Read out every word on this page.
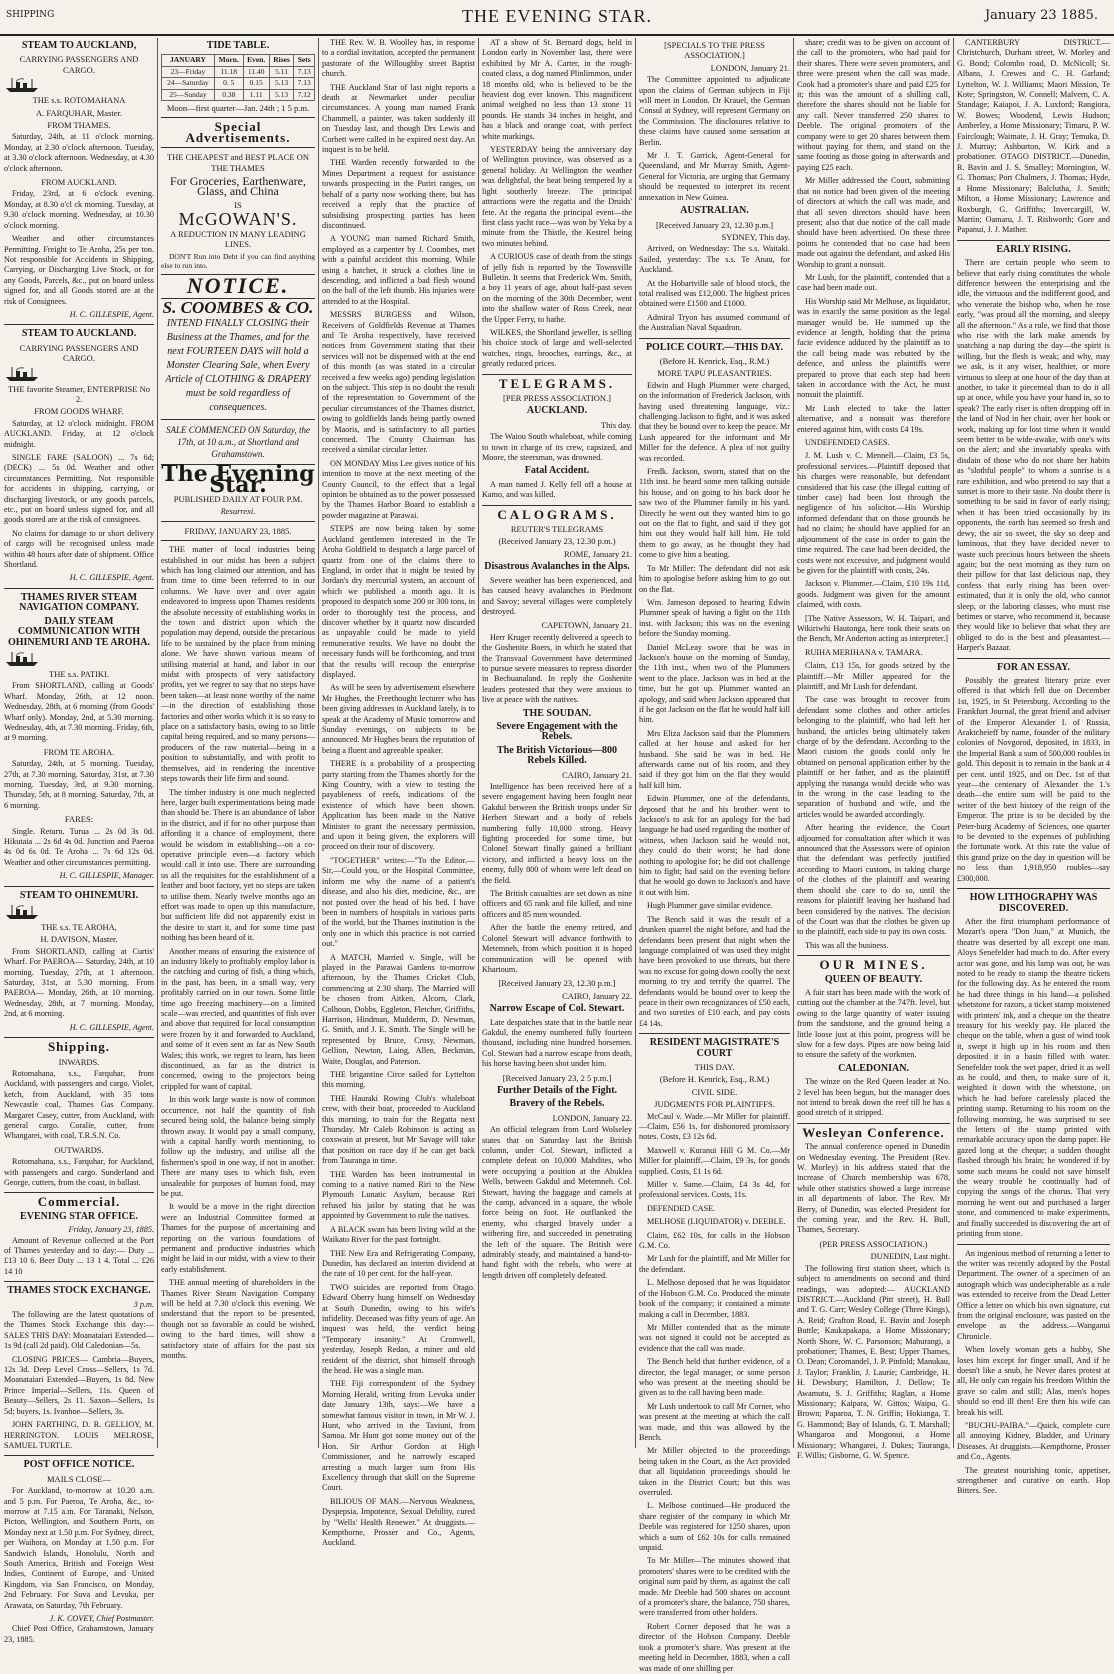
SHIPPING	THE EVENING STAR.	January 23 1885.
STEAM TO AUCKLAND,
CARRYING PASSENGERS AND CARGO.
THE s.s. ROTOMAHANA
A. FARQUHAR, Master.
FROM THAMES.

Saturday, 24th, at 11 o'clock morning. Monday, at 2.30 o'clock afternoon. Tuesday, at 3.30 o'clock afternoon. Wednesday, at 4.30 o'clock afternoon.

FROM AUCKLAND.

Friday, 23rd, at 6 o'clock evening. Monday, at 8.30 o'cl ck morning. Tuesday, at 9.30 o'clock morning. Wednesday, at 10.30 o'clock morning.

Weather and other circumstances Permitting. Freight to Te Aroha, 25s per ton. Not responsible for Accidents in Shipping, Carrying, or Discharging Live Stock, or for any Goods, Parcels, &c., put on board unless signed for, and all Goods stored are at the risk of Consignees.

H. C. GILLESPIE, Agent.
STEAM TO AUCKLAND.
CARRYING PASSENGERS AND CARGO.
THE favorite Steamer, ENTERPRISE No 2.
FROM GOODS WHARF.

Saturday, at 12 o'clock midnight. FROM AUCKLAND. Friday, at 12 o'clock midnight.

SINGLE FARE (SALOON) ... 7s 6d; (DECK) ... 5s 0d. Weather and other circumstances Permitting. Not responsible for accidents in shipping, carrying, or discharging livestock, or any goods parcels, etc., put on board unless signed for, and all goods stored are at the risk of consignees.

No claims for damage to or short delivery of cargo will be recognised unless made within 48 hours after date of shipment. Office Shortland.

H. C. GILLESPIE, Agent.
THAMES RIVER STEAM NAVIGATION COMPANY.
DAILY STEAM COMMUNICATION WITH OHINEMURI AND TE AROHA.
THE s.s. PATIKI.

From SHORTLAND, calling at Goods' Wharf. Monday, 26th, at 12 noon. Wednesday, 28th, at 6 morning (from Goods' Wharf only). Monday, 2nd, at 5.30 morning. Wednesday, 4th, at 7.30 morning. Friday, 6th, at 9 morning.

FROM TE AROHA.

Saturday, 24th, at 5 morning. Tuesday, 27th, at 7.30 morning. Saturday, 31st, at 7.30 morning. Tuesday, 3rd, at 9.30 morning. Thursday, 5th, at 8 morning. Saturday, 7th, at 6 morning.

FARES:

Single. Return. Turua ... 2s 0d 3s 0d. Hikutaia ... 2s 6d 4s 0d. Junction and Paeroa 4s 0d 6s 0d. Te Aroha ... 7s 6d 12s 0d. Weather and other circumstances permitting.

H. C. GILLESPIE, Manager.
STEAM TO OHINEMURI.
THE s.s. TE AROHA,
H. DAVISON, Master.

From SHORTLAND, calling at Curtis' Wharf. For PAEROA— Saturday, 24th, at 10 morning. Tuesday, 27th, at 1 afternoon. Saturday, 31st, at 5.30 morning. From PAEROA— Monday, 26th, at 10 morning. Wednesday, 28th, at 7 morning. Monday, 2nd, at 6 morning.

H. C. GILLESPIE, Agent.
Shipping.
INWARDS.

Rotomahana, s.s., Farquhar, from Auckland, with passengers and cargo. Violet, ketch, from Auckland, with 35 tons Newcastle coal, Thames Gas Company. Margaret Casey, cutter, from Auckland, with general cargo. Coralie, cutter, from Whangarei, with coal, T.R.S.N. Co.

OUTWARDS.

Rotomahana, s.s., Farquhar, for Auckland, with passengers and cargo. Sunderland and George, cutters, from the coast, in ballast.

Commercial.
EVENING STAR OFFICE.
Friday, January 23, 1885.

Amount of Revenue collected at the Port of Thames yesterday and to day:— Duty ... £13 10 6. Beer Duty ... 13 1 4. Total ... £26 14 10

THAMES STOCK EXCHANGE.
3 p.m.

The following are the latest quotations of the Thames Stock Exchange this day:— SALES THIS DAY: Moanataiari Extended—1s 9d (call 2d paid). Old Caledonian—5s.

CLOSING PRICES— Cambria—Buyers, 12s 3d. Deep Level Cross—Sellers, 1s 7d. Moanataiari Extended—Buyers, 1s 8d. New Prince Imperial—Sellers, 11s. Queen of Beauty—Sellers, 2s 11. Saxon—Sellers, 1s 5d; buyers, 1s. Ivanhoe—Sellers, 3s.

JOHN FARTHING, D. R. GELLIOY, M. HERRINGTON. LOUIS MELROSE, SAMUEL TURTLE.

POST OFFICE NOTICE.
MAILS CLOSE—

For Auckland, to-morrow at 10.20 a.m. and 5 p.m. For Paeroa, Te Aroha, &c., to-morrow at 7.15 a.m. For Taranaki, Nelson, Picton, Wellington, and Southern Ports, on Monday next at 1.50 p.m. For Sydney, direct, per Waihora, on Monday at 1.50 p.m. For Sandwich Islands, Honolulu, North and South America, British and Foreign West Indies, Continent of Europe, and United Kingdom, via San Francisco, on Monday, 2nd February. For Suva and Levuka, per Arawata, on Saturday, 7th February.

J. K. COVEY, Chief Postmaster.

Chief Post Office, Grahamstown, January 23, 1885.

TIDE TABLE.
JANUARY	Morn.	Even.	Rises	Sets
23—Friday	11.18	11.40	5.11	7.13
24—Saturday	0. 5	0.15	5.13	7.13
25—Sunday	0.38	1.11	5.13	7.12
Moon—first quarter—Jan. 24th ; 1 5 p.m.
Special Advertisements.
THE CHEAPEST and BEST PLACE ON THE THAMES
For Groceries, Earthenware, Glass, and China
IS
McGOWAN'S.
A REDUCTION IN MANY LEADING LINES.

DON'T Run into Debt if you can find anything else to run into.

NOTICE.
S. COOMBES & CO.

INTEND FINALLY CLOSING their Business at the Thames, and for the next FOURTEEN DAYS will hold a Monster Clearing Sale, when Every Article of CLOTHING & DRAPERY must be sold regardless of consequences.

SALE COMMENCED ON Saturday, the 17th, at 10 a.m., at Shortland and Grahamstown.

The Evening Star.
PUBLISHED DAILY AT FOUR P.M.
Resurrexi.
FRIDAY, JANUARY 23, 1885.

THE matter of local industries being established in our midst has been a subject which has long claimed our attention, and has from time to time been referred to in our columns. We have over and over again endeavored to impress upon Thames residents the absolute necessity of establishing works in the town and district upon which the population may depend, outside the precarious life to be sustained by the place from mining alone. We have shown various means of utilising material at hand, and labor in our midst with prospects of very satisfactory profits, yet we regret to say that no steps have been taken—at least none worthy of the name—in the direction of establishing those factories and other works which it is so easy to place on a satisfactory basis, owing to so little capital being required, and so many persons—producers of the raw material—being in a position to substantially, and with profit to themselves, aid in rendering the incentive steps towards their life firm and sound.

The timber industry is one much neglected here, larger built experimentations being made than should be. There is an abundance of labor in the district, and if for no other purpose than affording it a chance of employment, there would be wisdom in establishing—on a co-operative principle even—a factory which would call it into use. There are surrounding us all the requisites for the establishment of a leather and boot factory, yet no steps are taken to utilise them. Nearly twelve months ago an effort was made to open up this manufacture, but sufficient life did not apparently exist in the desire to start it, and for some time past nothing has been heard of it.

Another means of ensuring the existence of an industry likely to profitably employ labor is the catching and curing of fish, a thing which, in the past, has been, in a small way, very profitably carried on in our town. Some little time ago freezing machinery—on a limited scale—was erected, and quantities of fish over and above that required for local consumption were frozen by it and forwarded to Auckland, and some of it even sent as far as New South Wales; this work, we regret to learn, has been discontinued, as far as the district is concerned, owing to the projectors being crippled for want of capital.

In this work large waste is now of common occurrence, not half the quantity of fish secured being sold, the balance being simply thrown away. It would pay a small company, with a capital hardly worth mentioning, to follow up the industry, and utilise all the fishermen's spoil in one way, if not in another. There are many uses to which fish, even unsaleable for purposes of human food, may be put.

It would be a move in the right direction were an Industrial Committee formed at Thames for the purpose of ascertaining and reporting on the various foundations of permanent and productive industries which might be laid in our midst, with a view to their early establishment.

THE annual meeting of shareholders in the Thames River Steam Navigation Company will be held at 7.30 o'clock this evening. We understand that the report to be presented, though not so favorable as could be wished, owing to the hard times, will show a satisfactory state of affairs for the past six months.

THE Rev. W. B. Woolley has, in response to a cordial invitation, accepted the permanent pastorate of the Willoughby street Baptist church.

THE Auckland Star of last night reports a death at Newmarket under peculiar circumstances. A young man named Frank Chammell, a painter, was taken suddenly ill on Tuesday last, and though Drs Lewis and Corbett were called in he expired next day. An inquest is to be held.

THE Warden recently forwarded to the Mines Department a request for assistance towards prospecting in the Puriri ranges, on behalf of a party now working there, but has received a reply that the practice of subsidising prospecting parties has been discontinued.

A YOUNG man named Richard Smith, employed as a carpenter by J. Coombes, met with a painful accident this morning. While using a hatchet, it struck a clothes line in descending, and inflicted a bad flesh wound on the ball of the left thumb. His injuries were attended to at the Hospital.

MESSRS BURGESS and Wilson, Receivers of Goldfields Revenue at Thames and Te Aroha respectively, have received notices from Government stating that their services will not be dispensed with at the end of this month (as was stated in a circular received a few weeks ago) pending legislation on the subject. This step is no doubt the result of the representation to Government of the peculiar circumstances of the Thames district, owing to goldfields lands being partly owned by Maoris, and is satisfactory to all parties concerned. The County Chairman has received a similar circular letter.

ON MONDAY Miss Lee gives notice of his intention to move at the next meeting of the County Council, to the effect that a legal opinion be obtained as to the power possessed by the Thames Harbor Board to establish a powder magazine at Parawai.

STEPS are now being taken by some Auckland gentlemen interested in the Te Aroha Goldfield to despatch a large parcel of quartz from one of the claims there to England, in order that it might be tested by Jordan's dry mercurial system, an account of which we published a month ago. It is proposed to despatch some 200 or 300 tons, in order to thoroughly test the process, and discover whether by it quartz now discarded as unpayable could be made to yield remunerative results. We have no doubt the necessary funds will be forthcoming, and trust that the results will recoup the enterprise displayed.

As will be seen by advertisement elsewhere Mr Hughes, the Freethought lecturer who has been giving addresses in Auckland lately, is to speak at the Academy of Music tomorrow and Sunday evenings, on subjects to be announced. Mr Hughes bears the reputation of being a fluent and agreeable speaker.

THERE is a probability of a prospecting party starting from the Thames shortly for the King Country, with a view to testing the payableness of reefs, indications of the existence of which have been shown. Application has been made to the Native Minister to grant the necessary permission, and upon it being given, the explorers will proceed on their tour of discovery.

"TOGETHER" writes:—"To the Editor.—Sir,—Could you, or the Hospital Committee, inform me why the name of a patient's disease, and also his diet, medicine, &c., are not posted over the head of his bed. I have been in numbers of hospitals in various parts of the world, but the Thames institution is the only one in which this practice is not carried out."

A MATCH, Married v. Single, will be played in the Parawai Gardens to-morrow afternoon, by the Thames Cricket Club, commencing at 2.30 sharp. The Married will be chosen from Aitken, Alcorn, Clark, Colhoun, Dobbs, Eggleton, Fletcher, Griffiths, Harrison, Hindman, Mudderm, D. Newman, G. Smith, and J. E. Smith. The Single will be represented by Bruce, Crosy, Newman, Gellion, Newton, Laing, Allen, Beckman, Waite, Douglas, and Paterson.

THE brigantine Circe sailed for Lyttelton this morning.

THE Hauraki Rowing Club's whaleboat crew, with their boat, proceeded to Auckland this morning, to train for the Regatta next Thursday. Mr Caleb Robinson is acting as coxswain at present, but Mr Savage will take that position on race day if he can get back from Tauranga in time.

THE Warden has been instrumental in coming to a native named Riri to the New Plymouth Lunatic Asylum, because Riri refused his jailor by stating that he was appointed by Government to rule the natives.

A BLACK swan has been living wild at the Waikato River for the past fortnight.

THE New Era and Refrigerating Company, Dunedin, has declared an interim dividend at the rate of 10 per cent. for the half-year.

TWO suicides are reported from Otago. Edward Oberry hung himself on Wednesday at South Dunedin, owing to his wife's infidelity. Deceased was fifty years of age. An inquest was held, the verdict being "Temporary insanity." At Cromwell, yesterday, Joseph Redan, a miner and old resident of the district, shot himself through the head. He was a single man.

THE Fiji correspondent of the Sydney Morning Herald, writing from Levuka under date January 13th, says:—We have a somewhat famous visitor in town, in Mr W. J. Hunt, who arrived in the Taviuni, from Samoa. Mr Hunt got some money out of the Hon. Sir Arthur Gordon at High Commissioner, and he narrowly escaped arresting a much larger sum from His Excellency through that skill on the Supreme Court.

BILIOUS OF MAN.—Nervous Weakness, Dyspepsia, Impotence, Sexual Debility, cured by "Wells' Health Renewer." At druggists.—Kempthorne, Prosser and Co., Agents, Auckland.

AT a show of St. Bernard dogs, held in London early in November last, there were exhibited by Mr A. Carter, in the rough-coated class, a dog named Plinlimmon, under 18 months old, who is believed to be the heaviest dog ever known. This magnificent animal weighed no less than 13 stone 11 pounds. He stands 34 inches in height, and has a black and orange coat, with perfect white markings.

YESTERDAY being the anniversary day of Wellington province, was observed as a general holiday. At Wellington the weather was delightful, the heat being tempered by a light southerly breeze. The principal attractions were the regatta and the Druids' fete. At the regatta the principal event—the first class yacht race—was won by Yeka by a minute from the Thistle, the Kestrel being two minutes behind.

A CURIOUS case of death from the stings of jelly fish is reported by the Townsville Bulletin. It seems that Frederick Wm. Smith, a boy 11 years of age, about half-past seven on the morning of the 30th December, went into the shallow water of Ross Creek, near the Upper Ferry, to bathe.

WILKES, the Shortland jeweller, is selling his choice stock of large and well-selected watches, rings, brooches, earrings, &c., at greatly reduced prices.

TELEGRAMS.
[PER PRESS ASSOCIATION.]
AUCKLAND.
This day.

The Waiou South whaleboat, while coming to town in charge of its crew, capsized, and Moore, the steersman, was drowned.

Fatal Accident.

A man named J. Kelly fell off a house at Kamo, and was killed.

CALOGRAMS.
REUTER'S TELEGRAMS
(Received January 23, 12.30 p.m.)
ROME, January 21.
Disastrous Avalanches in the Alps.

Severe weather has been experienced, and has caused heavy avalanches in Piedmont and Savoy; several villages were completely destroyed.

CAPETOWN, January 21.

Herr Kruger recently delivered a speech to the Goshenite Boers, in which he stated that the Transvaal Government have determined to pursue severe measures to repress disorder in Bechuanaland. In reply the Goshenite leaders protested that they were anxious to live at peace with the natives.

THE SOUDAN.
Severe Engagement with the Rebels.
The British Victorious—800 Rebels Killed.
CAIRO, January 21.

Intelligence has been received here of a severe engagement having been fought near Gakdul between the British troops under Sir Herbert Stewart and a body of rebels numbering fully 10,000 strong. Heavy fighting proceeded for some time, but Colonel Stewart finally gained a brilliant victory, and inflicted a heavy loss on the enemy, fully 800 of whom were left dead on the field.

The British casualties are set down as nine officers and 65 rank and file killed, and nine officers and 85 men wounded.

After the battle the enemy retired, and Colonel Stewart will advance forthwith to Metemneh, from which position it is hoped communication will be opened with Khartoum.

[Received January 23, 12.30 p.m.]
CAIRO, January 22.
Narrow Escape of Col. Stewart.

Late despatches state that in the battle near Gakdul, the enemy numbered fully fourteen thousand, including nine hundred horsemen. Col. Stewart had a narrow escape from death, his horse having been shot under him.

[Received January 23, 2 5 p.m.]
Further Details of the Fight.
Bravery of the Rebels.
LONDON, January 22.

An official telegram from Lord Wolseley states that on Saturday last the British column, under Col. Stewart, inflicted a complete defeat on 10,000 Mahdites, who were occupying a position at the Abuklea Wells, between Gakdul and Metemneh. Col. Stewart, having the baggage and camels at the camp, advanced in a square, the whole force being on foot. He outflanked the enemy, who charged bravely under a withering fire, and succeeded in penetrating the left of the square. The British were admirably steady, and maintained a hand-to-hand fight with the rebels, who were at length driven off completely defeated.

[SPECIALS TO THE PRESS ASSOCIATION.]
LONDON, January 21.

The Committee appointed to adjudicate upon the claims of German subjects in Fiji will meet in London. Dr Krauel, the German Consul at Sydney, will represent Germany on the Commission. The disclosures relative to these claims have caused some sensation at Berlin.

Mr J. T. Garrick, Agent-General for Queensland, and Mr Murray Smith, Agent-General for Victoria, are urging that Germany should be requested to interpret its recent annexation in New Guinea.

AUSTRALIAN.
[Received January 23, 12.30 p.m.]
SYDNEY, This day.

Arrived, on Wednesday: The s.s. Waitaki. Sailed, yesterday: The s.s. Te Anau, for Auckland.

At the Hobartville sale of blood stock, the total realised was £12,000. The highest prices obtained were £1500 and £1000.

Admiral Tryon has assumed command of the Australian Naval Squadron.

POLICE COURT.—THIS DAY.
(Before H. Kenrick, Esq., R.M.)
MORE TAPU PLEASANTRIES.

Edwin and Hugh Plummer were charged, on the information of Frederick Jackson, with having used threatening language, viz.: challenging Jackson to fight, and it was asked that they be bound over to keep the peace. Mr Lush appeared for the informant and Mr Miller for the defence. A plea of not guilty was recorded.

Fredk. Jackson, sworn, stated that on the 11th inst. he heard some men talking outside his house, and on going to his back door he saw two of the Plummer family in his yard. Directly he went out they wanted him to go out on the flat to fight, and said if they got him out they would half kill him. He told them to go away, as he thought they had come to give him a beating.

To Mr Miller: The defendant did not ask him to apologise before asking him to go out on the flat.

Wm. Jameson deposed to hearing Edwin Plummer speak of having a fight on the 11th inst. with Jackson; this was on the evening before the Sunday morning.

Daniel McLeay swore that he was in Jackson's house on the morning of Sunday, the 11th inst., when two of the Plummers went to the place. Jackson was in bed at the time, but he got up. Plummer wanted an apology, and said when Jackson appeared that if he got Jackson on the flat he would half kill him.

Mrs Eliza Jackson said that the Plummers called at her house and asked for her husband. She said he was in bed. He afterwards came out of his room, and they said if they got him on the flat they would half kill him.

Edwin Plummer, one of the defendants, deposed that he and his brother went to Jackson's to ask for an apology for the bad language he had used regarding the mother of witness, when Jackson said he would not, they could do their worst; he had done nothing to apologise for; he did not challenge him to fight; had said on the evening before that he would go down to Jackson's and have it out with him.

Hugh Plummer gave similar evidence.

The Bench said it was the result of a drunken quarrel the night before, and had the defendants been present that night when the language complained of was used they might have been provoked to use threats, but there was no excuse for going down coolly the next morning to try and terrify the quarrel. The defendants would be bound over to keep the peace in their own recognizances of £50 each, and two sureties of £10 each, and pay costs £4 14s.

RESIDENT MAGISTRATE'S COURT
THIS DAY.
(Before H. Kenrick, Esq., R.M.)
CIVIL SIDE.
JUDGMENTS FOR PLAINTIFFS.

McCaul v. Wade.—Mr Miller for plaintiff.—Claim, £56 1s, for dishonored promissory notes. Costs, £3 12s 6d.

Maxwell v. Kuranui Hill G M. Co.—Mr Miller for plaintiff.—Claim, £9 3s, for goods supplied. Costs, £1 1s 6d.

Miller v. Same.—Claim, £4 3s 4d, for professional services. Costs, 11s.

DEFENDED CASE.

MELHOSE (LIQUIDATOR) v. DEEBLE.

Claim, £62 10s, for calls in the Hobson G.M. Co.

Mr Lush for the plaintiff, and Mr Miller for the defendant.

L. Melhose deposed that he was liquidator of the Hobson G.M. Co. Produced the minute book of the company; it contained a minute making a call in December, 1883.

Mr Miller contended that as the minute was not signed it could not be accepted as evidence that the call was made.

The Bench held that further evidence, of a director, the legal manager, or some person who was present at the meeting should be given as to the call having been made.

Mr Lush undertook to call Mr Corner, who was present at the meeting at which the call was made, and this was allowed by the Bench.

Mr Miller objected to the proceedings being taken in the Court, as the Act provided that all liquidation proceedings should be taken in the District Court; but this was overruled.

L. Melhose continued—He produced the share register of the company in which Mr Deeble was registered for 1250 shares, upon which a sum of £62 10s for calls remained unpaid.

To Mr Miller—The minutes showed that promoters' shares were to be credited with the original sum paid by them, as against the call made. Mr Deeble had 500 shares on account of a promoter's share, the balance, 750 shares, were transferred from other holders.

Robert Corner deposed that he was a director of the Hobson Company. Deeble took a promoter's share. Was present at the meeting held in December, 1883, when a call was made of one shilling per

share; credit was to be given on account of the call to the promoters, who had paid for their shares. There were seven promoters, and three were present when the call was made. Cook had a promoter's share and paid £25 for it; this was the amount of a shilling call, therefore the shares should not be liable for any call. Never transferred 250 shares to Deeble. The original promoters of the company were to get 20 shares between them without paying for them, and stand on the same footing as those going in afterwards and paying £25 each.

Mr Miller addressed the Court, submitting that no notice had been given of the meeting of directors at which the call was made, and that all seven directors should have been present; also that due notice of the call made should have been advertised. On these three points he contended that no case had been made out against the defendant, and asked His Worship to grant a nonsuit.

Mr Lush, for the plaintiff, contended that a case had been made out.

His Worship said Mr Melhose, as liquidator, was in exactly the same position as the legal manager would be. He summed up the evidence at length, holding that the prima facie evidence adduced by the plaintiff as to the call being made was rebutted by the defence, and unless the plaintiffs were prepared to prove that each step had been taken in accordance with the Act, he must nonsuit the plaintiff.

Mr Lush elected to take the latter alternative, and a nonsuit was therefore entered against him, with costs £4 19s.

UNDEFENDED CASES.

J. M. Lush v. C. Mennell.—Claim, £3 5s, professional services.—Plaintiff deposed that his charges were reasonable, but defendant considered that his case (the illegal cutting of timber case) had been lost through the negligence of his solicitor.—His Worship informed defendant that on those grounds he had no claim; he should have applied for an adjournment of the case in order to gain the time required. The case had been decided, the costs were not excessive, and judgment would be given for the plaintiff with costs, 24s.

Jackson v. Plummer.—Claim, £10 19s 11d, goods. Judgment was given for the amount claimed, with costs.

[The Native Assessors, W. H. Taipari, and Wikiriwhi Hautonga, here took their seats on the Bench, Mr Anderton acting as interpreter.]

RUIHA MERIHANA v. TAMARA.

Claim, £13 15s, for goods seized by the plaintiff.—Mr Miller appeared for the plaintiff, and Mr Lush for defendant.

The case was brought to recover from defendant some clothes and other articles belonging to the plaintiff, who had left her husband, the articles being ultimately taken charge of by the defendant. According to the Maori custom the goods could only be obtained on personal application either by the plaintiff or her father, and as the plaintiff applying the runanga would decide who was in the wrong in the case leading to the separation of husband and wife, and the articles would be awarded accordingly.

After hearing the evidence, the Court adjourned for consultation after which it was announced that the Assessors were of opinion that the defendant was perfectly justified according to Maori custom, in taking charge of the clothes of the plaintiff and wearing them should she care to do so, until the reasons for plaintiff leaving her husband had been considered by the natives. The decision of the Court was that the clothes be given up to the plaintiff, each side to pay its own costs.

This was all the business.

OUR MINES.
QUEEN OF BEAUTY.

A fair start has been made with the work of cutting out the chamber at the 747ft. level, but owing to the large quantity of water issuing from the sandstone, and the ground being a little loose just at this point, progress will be slow for a few days. Pipes are now being laid to ensure the safety of the workmen.

CALEDONIAN.

The winze on the Red Queen leader at No. 2 level has been begun, but the manager does not intend to break down the reef till he has a good stretch of it stripped.

Wesleyan Conference.

The annual conference opened in Dunedin on Wednesday evening. The President (Rev. W. Morley) in his address stated that the increase of Church membership was 678, while other statistics showed a large increase in all departments of labor. The Rev. Mr Berry, of Dunedin, was elected President for the coming year, and the Rev. H. Bull, Thames, Secretary.

(PER PRESS ASSOCIATION.)
DUNEDIN, Last night.

The following first station sheet, which is subject to amendments on second and third readings, was adopted:— AUCKLAND DISTRICT.—Auckland (Pitt street), H. Bull and T. G. Carr; Wesley College (Three Kings), A. Reid; Grafton Road, E. Bavin and Joseph Buttle; Kaukapakapa, a Home Missionary; North Shore, W. C. Parsonson; Mahurangi, a probationer; Thames, E. Best; Upper Thames, O. Dean; Coromandel, J. P. Pinfold; Manukau, J. Taylor; Franklin, J. Laurie; Cambridge, H. H. Dewsbury; Hamilton, J. Dellow; Te Awamutu, S. J. Griffiths; Raglan, a Home Missionary; Kaipara, W. Gittos; Waipu, G. Brown; Paparoa, T. N. Griffin; Hokianga, T. G. Hammond; Bay of Islands, G. T. Marshall; Whangaroa and Mongonui, a Home Missionary; Whangarei, J. Dukes; Tauranga, F. Willis; Gisborne, G. W. Spence.

CANTERBURY DISTRICT.—Christchurch, Durham street, W. Morley and G. Bond; Colombo road, D. McNicoll; St. Albans, J. Crewes and C. H. Garland; Lyttelton, W. J. Williams; Maori Mission, Te Kote; Springston, W. Connell; Malvern, C. A. Standage; Kaiapoi, J. A. Luxford; Rangiora, W. Bowes; Woodend, Lewis Hudson; Amberley, a Home Missionary; Timaru, P. W. Fairclough; Waimate, J. H. Gray; Temuka, D. J. Murray; Ashburton, W. Kirk and a probationer. OTAGO DISTRICT.—Dunedin, R. Bavin and J. S. Smalley; Mornington, W. G. Thomas; Port Chalmers, J. Thomas; Hyde, a Home Missionary; Balclutha, J. Smith; Milton, a Home Missionary; Lawrence and Roxburgh, G. Griffiths; Invercargill, W. Martin; Oamaru, J. T. Rishworth; Gore and Papanui, J. J. Mather.

EARLY RISING.

There are certain people who seem to believe that early rising constitutes the whole difference between the enterprising and the idle, the virtuous and the indifferent good, and who venerate the bishop who, when he rose early, "was proud all the morning, and sleepy all the afternoon." As a rule, we find that those who rise with the lark make amends by snatching a nap during the day—the spirit is willing, but the flesh is weak; and why, may we ask, is it any wiser, healthier, or more virtuous to sleep at one hour of the day than at another, to take it piecemeal than to do it all up at once, while you have your hand in, so to speak? The early riser is often dropping off in the land of Nod in her chair, over her book or work, making up for lost time when it would seem better to be wide-awake, with one's wits on the alert; and she invariably speaks with disdain of those who do not share her habits as "slothful people" to whom a sunrise is a rare exhibition, and who pretend to say that a sunset is more to their taste. No doubt there is something to be said in favor of early rising; when it has been tried occasionally by its opponents, the earth has seemed so fresh and dewy, the air so sweet, the sky so deep and luminous, that they have decided never to waste such precious hours between the sheets again; but the next morning as they turn on their pillow for that last delicious nap, they confess that early rising has been over-estimated, that it is only the old, who cannot sleep, or the laboring classes, who must rise betimes or starve, who recommend it, because they would like to believe that what they are obliged to do is the best and pleasantest.—Harper's Bazaar.

FOR AN ESSAY.

Possibly the greatest literary prize ever offered is that which fell due on December 1st, 1925, in St Petersburg. According to the Frankfurt Journal, the great friend and adviser of the Emperor Alexander I. of Russia, Araktcheieff by name, founder of the military colonies of Novgorod, deposited, in 1833, in the Imperial Bank a sum of 500,000 roubles in gold. This deposit is to remain in the bank at 4 per cent. until 1925, and on Dec. 1st of that year—the centenary of Alexander the 1.'s death—the entire sum will be paid to the writer of the best history of the reign of the Emperor. The prize is to be decided by the Peter-burg Academy of Sciences, one quarter to be devoted to the expenses of publishing the fortunate work. At this rate the value of this grand prize on the day in question will be no less than 1,918,950 roubles—say £300,000.

HOW LITHOGRAPHY WAS DISCOVERED.

After the first triumphant performance of Mozart's opera "Don Juan," at Munich, the theatre was deserted by all except one man. Aloys Senefelder had much to do. After every actor was gone, and his lamp was out, he was noted to be ready to stamp the theatre tickets for the following day. As he entered the room he had three things in his hand—a polished whetstone for razors, a ticket stamp moistened with printers' ink, and a cheque on the theatre treasury for his weekly pay. He placed the cheque on the table, when a gust of wind took it, swept it high up in his room and then deposited it in a basin filled with water. Senefelder took the wet paper, dried it as well as he could, and then, to make sure of it, weighted it down with the whetstone, on which he had before carelessly placed the printing stamp. Returning to his room on the following morning, he was surprised to see the letters of the stamp printed with remarkable accuracy upon the damp paper. He gazed long at the cheque; a sudden thought flashed through his brain; he wondered if by some such means he could not save himself the weary trouble he continually had of copying the songs of the chorus. That very morning he went out and purchased a larger stone, and commenced to make experiments, and finally succeeded in discovering the art of printing from stone.

An ingenious method of returning a letter to the writer was recently adopted by the Postal Department. The owner of a specimen of an autograph which was undecipherable as a rule was extended to receive from the Dead Letter Office a letter on which his own signature, cut from the original enclosure, was pasted on the envelope as the address.—Wanganui Chronicle.

When lovely woman gets a hubby, She loses him except for finger small, And if he doesn't like a snub, he Never dares protest at all, He only can regain his freedom Within the grave so calm and still; Alas, men's hopes should so end ill then! Ere then his wife can break his will.

"BUCHU-PAIBA."—Quick, complete cure all annoying Kidney, Bladder, and Urinary Diseases. At druggists.—Kempthorne, Prosser and Co., Agents.

The greatest nourishing tonic, appetiser, strengthener and curative on earth. Hop Bitters. See.
